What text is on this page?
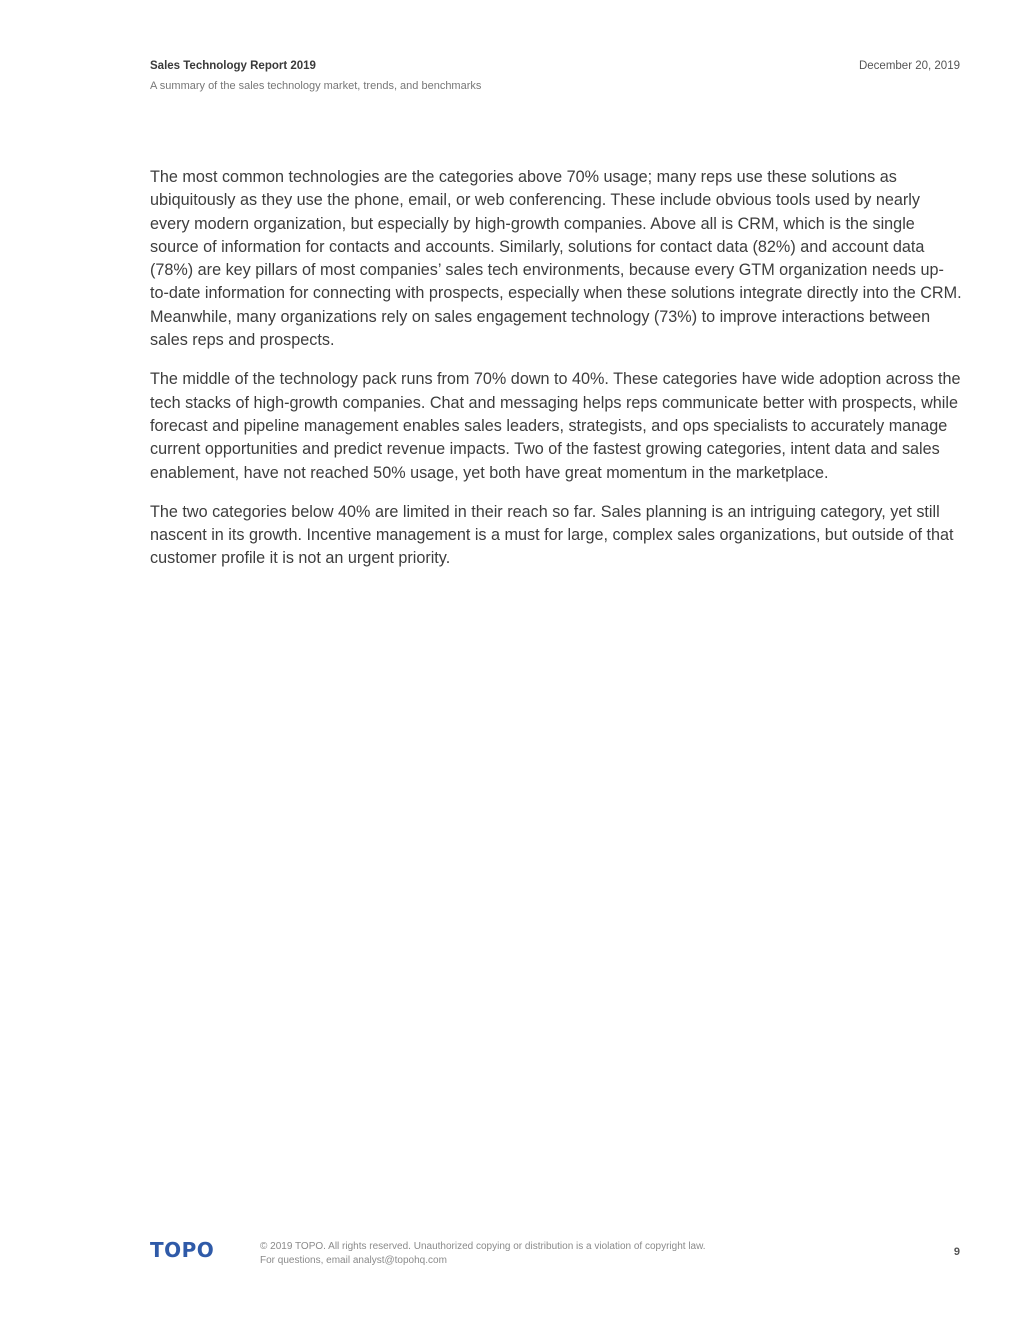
Sales Technology Report 2019
A summary of the sales technology market, trends, and benchmarks
December 20, 2019

The most common technologies are the categories above 70% usage; many reps use these solutions as ubiquitously as they use the phone, email, or web conferencing. These include obvious tools used by nearly every modern organization, but especially by high-growth companies. Above all is CRM, which is the single source of information for contacts and accounts. Similarly, solutions for contact data (82%) and account data (78%) are key pillars of most companies’ sales tech environments, because every GTM organization needs up-to-date information for connecting with prospects, especially when these solutions integrate directly into the CRM. Meanwhile, many organizations rely on sales engagement technology (73%) to improve interactions between sales reps and prospects.

The middle of the technology pack runs from 70% down to 40%. These categories have wide adoption across the tech stacks of high-growth companies. Chat and messaging helps reps communicate better with prospects, while forecast and pipeline management enables sales leaders, strategists, and ops specialists to accurately manage current opportunities and predict revenue impacts. Two of the fastest growing categories, intent data and sales enablement, have not reached 50% usage, yet both have great momentum in the marketplace.

The two categories below 40% are limited in their reach so far. Sales planning is an intriguing category, yet still nascent in its growth. Incentive management is a must for large, complex sales organizations, but outside of that customer profile it is not an urgent priority.

TOPO	© 2019 TOPO. All rights reserved. Unauthorized copying or distribution is a violation of copyright law.
For questions, email analyst@topohq.com
9
